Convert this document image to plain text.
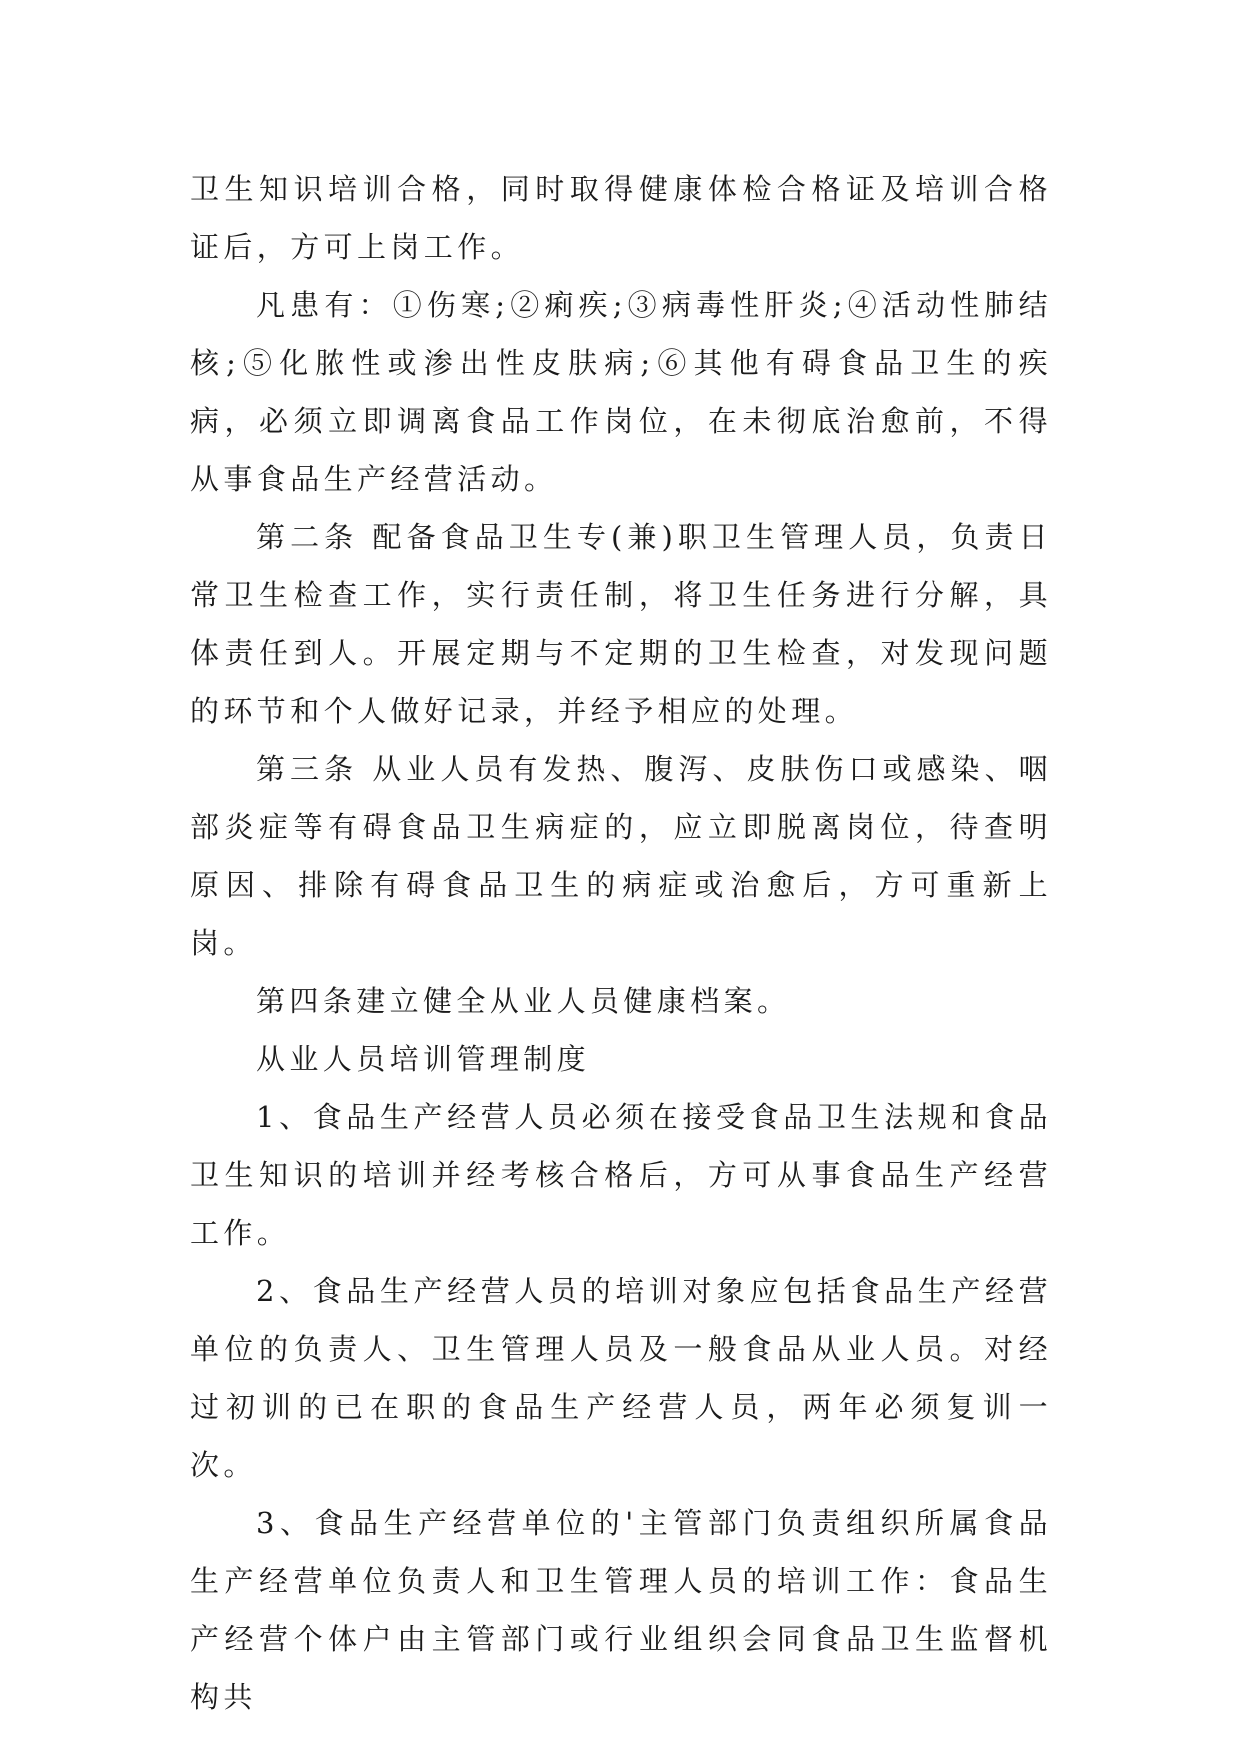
卫生知识培训合格，同时取得健康体检合格证及培训合格证后，方可上岗工作。

凡患有：①伤寒;②痢疾;③病毒性肝炎;④活动性肺结核;⑤化脓性或渗出性皮肤病;⑥其他有碍食品卫生的疾病，必须立即调离食品工作岗位，在未彻底治愈前，不得从事食品生产经营活动。

第二条 配备食品卫生专(兼)职卫生管理人员，负责日常卫生检查工作，实行责任制，将卫生任务进行分解，具体责任到人。开展定期与不定期的卫生检查，对发现问题的环节和个人做好记录，并经予相应的处理。

第三条 从业人员有发热、腹泻、皮肤伤口或感染、咽部炎症等有碍食品卫生病症的，应立即脱离岗位，待查明原因、排除有碍食品卫生的病症或治愈后，方可重新上岗。

第四条建立健全从业人员健康档案。

从业人员培训管理制度

1、食品生产经营人员必须在接受食品卫生法规和食品卫生知识的培训并经考核合格后，方可从事食品生产经营工作。

2、食品生产经营人员的培训对象应包括食品生产经营单位的负责人、卫生管理人员及一般食品从业人员。对经过初训的已在职的食品生产经营人员，两年必须复训一次。

3、食品生产经营单位的'主管部门负责组织所属食品生产经营单位负责人和卫生管理人员的培训工作：食品生产经营个体户由主管部门或行业组织会同食品卫生监督机构共
